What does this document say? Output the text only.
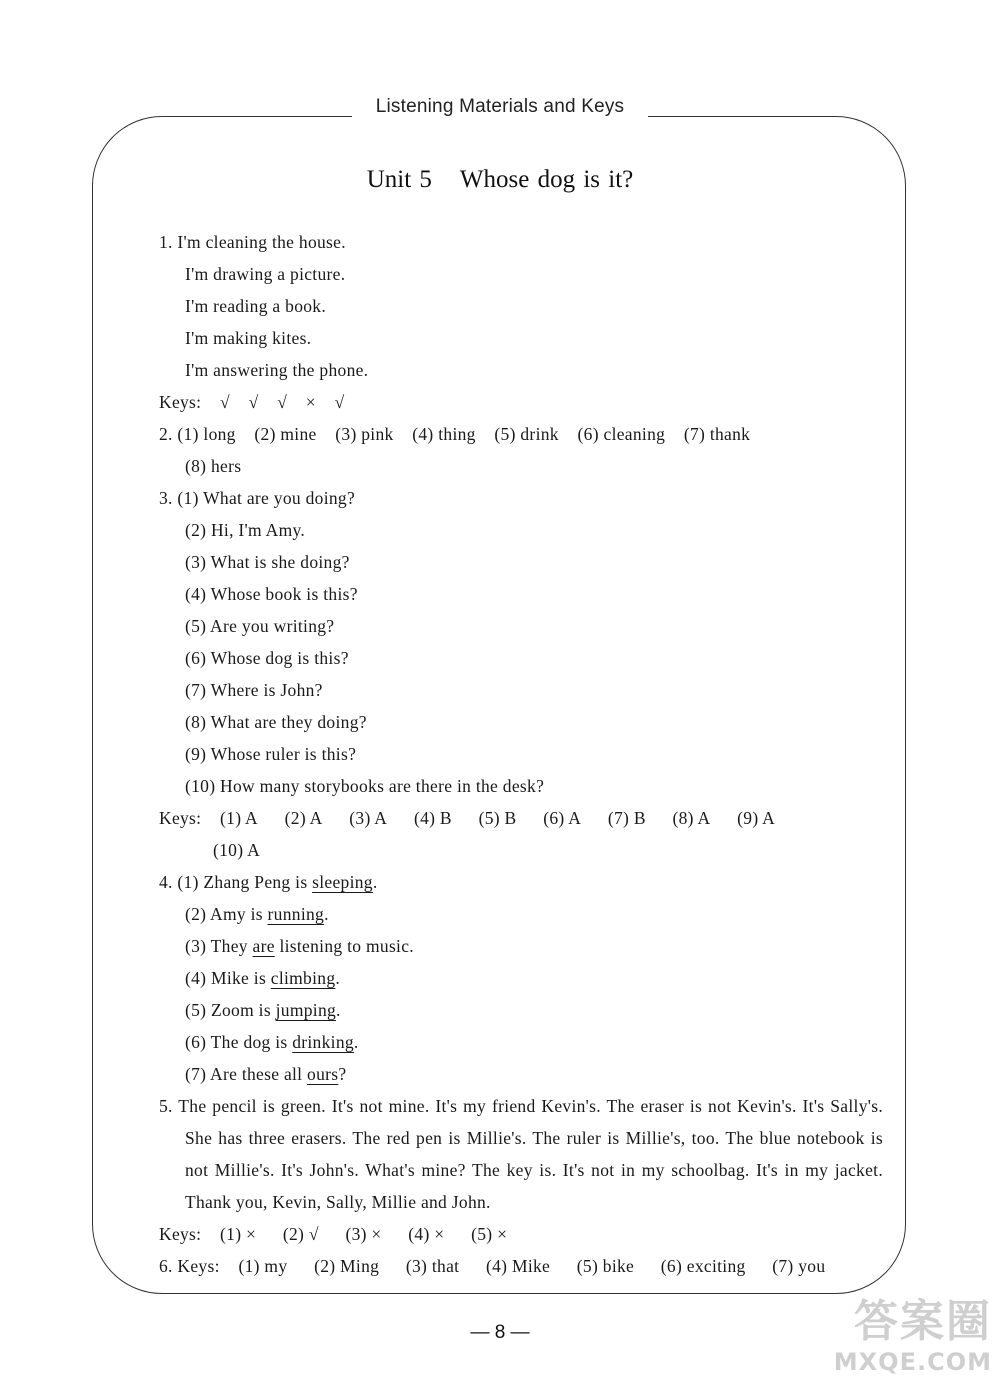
Listening Materials and Keys
Unit 5 Whose dog is it?
1. I'm cleaning the house.
I'm drawing a picture.
I'm reading a book.
I'm making kites.
I'm answering the phone.
Keys: √ √ √ × √
2. (1) long (2) mine (3) pink (4) thing (5) drink (6) cleaning (7) thank
(8) hers
3. (1) What are you doing?
(2) Hi, I'm Amy.
(3) What is she doing?
(4) Whose book is this?
(5) Are you writing?
(6) Whose dog is this?
(7) Where is John?
(8) What are they doing?
(9) Whose ruler is this?
(10) How many storybooks are there in the desk?
Keys: (1) A (2) A (3) A (4) B (5) B (6) A (7) B (8) A (9) A
(10) A
4. (1) Zhang Peng is sleeping.
(2) Amy is running.
(3) They are listening to music.
(4) Mike is climbing.
(5) Zoom is jumping.
(6) The dog is drinking.
(7) Are these all ours?
5. The pencil is green. It's not mine. It's my friend Kevin's. The eraser is not Kevin's. It's Sally's. She has three erasers. The red pen is Millie's. The ruler is Millie's, too. The blue notebook is not Millie's. It's John's. What's mine? The key is. It's not in my schoolbag. It's in my jacket. Thank you, Kevin, Sally, Millie and John.
Keys: (1) × (2) √ (3) × (4) × (5) ×
6. Keys: (1) my (2) Ming (3) that (4) Mike (5) bike (6) exciting (7) you
— 8 —	答案圈
MXQE.COM
